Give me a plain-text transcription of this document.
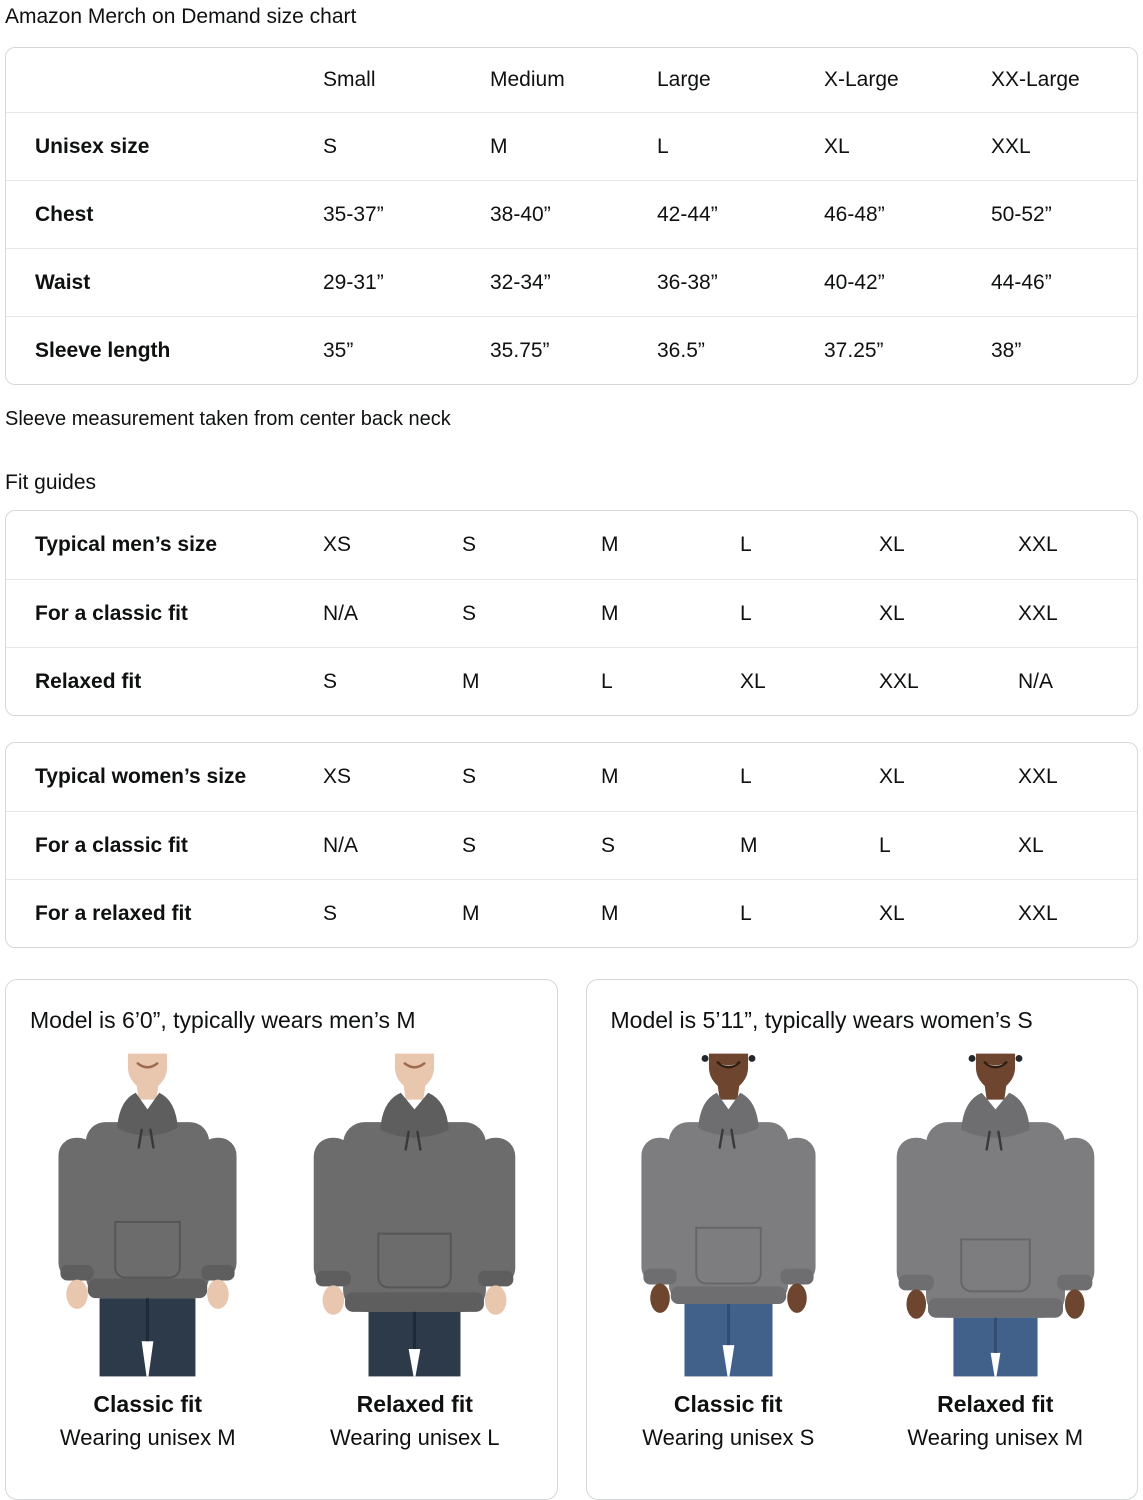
Amazon Merch on Demand size chart
Small	Medium	Large	X-Large	XX-Large
Unisex size	S	M	L	XL	XXL
Chest	35-37”	38-40”	42-44”	46-48”	50-52”
Waist	29-31”	32-34”	36-38”	40-42”	44-46”
Sleeve length	35”	35.75”	36.5”	37.25”	38”
Sleeve measurement taken from center back neck
Fit guides
Typical men’s size	XS	S	M	L	XL	XXL
For a classic fit	N/A	S	M	L	XL	XXL
Relaxed fit	S	M	L	XL	XXL	N/A
Typical women’s size	XS	S	M	L	XL	XXL
For a classic fit	N/A	S	S	M	L	XL
For a relaxed fit	S	M	M	L	XL	XXL
Model is 6’0”, typically wears men’s M
Classic fit
Wearing unisex M
Relaxed fit
Wearing unisex L
Model is 5’11”, typically wears women’s S
Classic fit
Wearing unisex S
Relaxed fit
Wearing unisex M
